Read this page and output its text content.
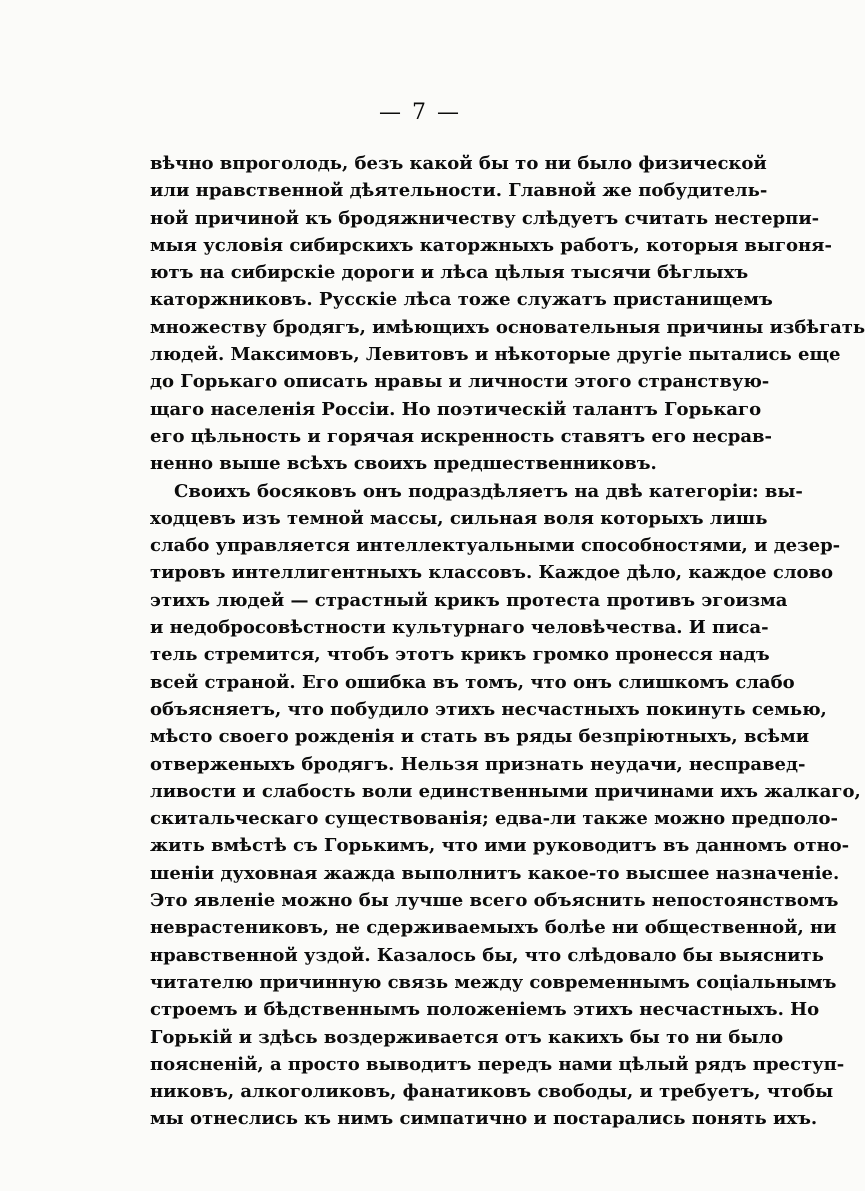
— 7 —
вѣчно впроголодь, безъ какой бы то ни было физической
или нравственной дѣятельности. Главной же побудитель-
ной причиной къ бродяжничеству слѣдуетъ считать нестерпи-
мыя условія сибирскихъ каторжныхъ работъ, которыя выгоня-
ютъ на сибирскіе дороги и лѣса цѣлыя тысячи бѣглыхъ
каторжниковъ. Русскіе лѣса тоже служатъ пристанищемъ
множеству бродягъ, имѣющихъ основательныя причины избѣгать
людей. Максимовъ, Левитовъ и нѣкоторые другіе пытались еще
до Горькаго описать нравы и личности этого странствую-
щаго населенія Россіи. Но поэтическій талантъ Горькаго
его цѣльность и горячая искренность ставятъ его несрав-
ненно выше всѣхъ своихъ предшественниковъ.
Своихъ босяковъ онъ подраздѣляетъ на двѣ категоріи: вы-
ходцевъ изъ темной массы, сильная воля которыхъ лишь
слабо управляется интеллектуальными способностями, и дезер-
тировъ интеллигентныхъ классовъ. Каждое дѣло, каждое слово
этихъ людей — страстный крикъ протеста противъ эгоизма
и недобросовѣстности культурнаго человѣчества. И писа-
тель стремится, чтобъ этотъ крикъ громко пронесся надъ
всей страной. Его ошибка въ томъ, что онъ слишкомъ слабо
объясняетъ, что побудило этихъ несчастныхъ покинуть семью,
мѣсто своего рожденія и стать въ ряды безпріютныхъ, всѣми
отверженыхъ бродягъ. Нельзя признать неудачи, несправед-
ливости и слабость воли единственными причинами ихъ жалкаго,
скитальческаго существованія; едва-ли также можно предполо-
жить вмѣстѣ съ Горькимъ, что ими руководитъ въ данномъ отно-
шеніи духовная жажда выполнитъ какое-то высшее назначеніе.
Это явленіе можно бы лучше всего объяснить непостоянствомъ
неврастениковъ, не сдерживаемыхъ болѣе ни общественной, ни
нравственной уздой. Казалось бы, что слѣдовало бы выяснить
читателю причинную связь между современнымъ соціальнымъ
строемъ и бѣдственнымъ положеніемъ этихъ несчастныхъ. Но
Горькій и здѣсь воздерживается отъ какихъ бы то ни было
поясненій, а просто выводитъ передъ нами цѣлый рядъ преступ-
никовъ, алкоголиковъ, фанатиковъ свободы, и требуетъ, чтобы
мы отнеслись къ нимъ симпатично и постарались понять ихъ.
